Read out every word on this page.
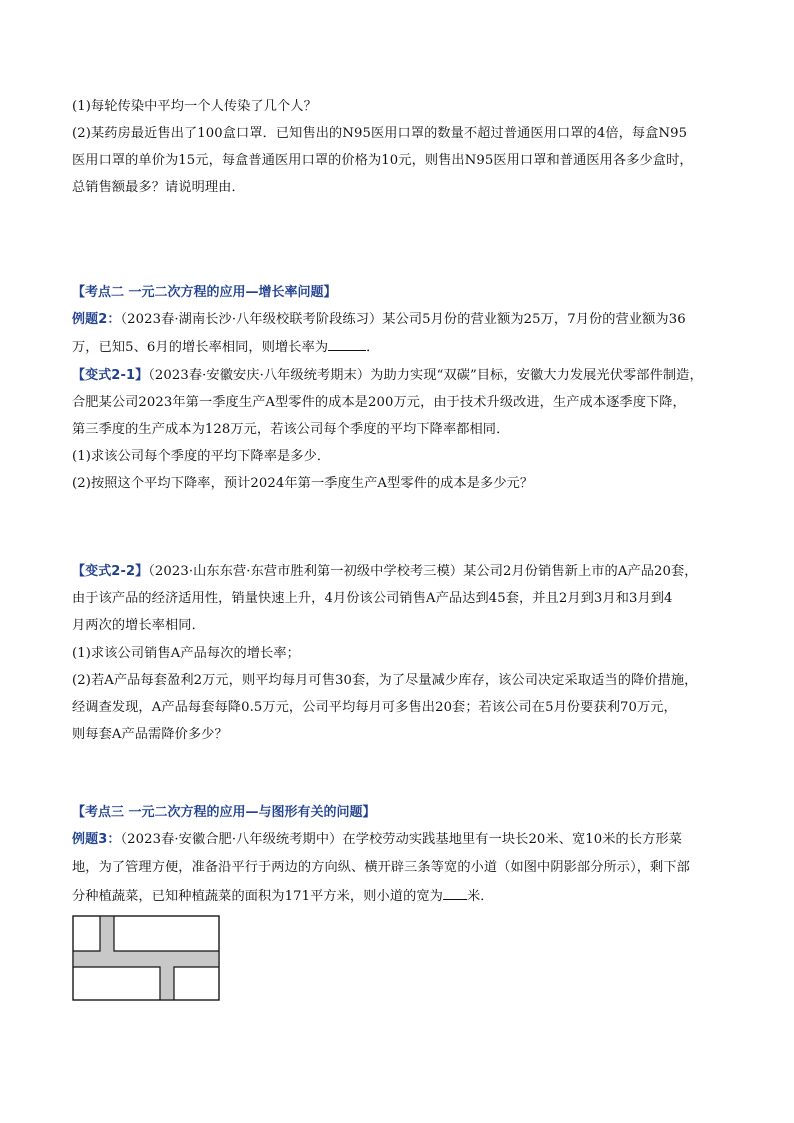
(1)每轮传染中平均一个人传染了几个人？
(2)某药房最近售出了100盒口罩．已知售出的N95医用口罩的数量不超过普通医用口罩的4倍，每盒N95
医用口罩的单价为15元，每盒普通医用口罩的价格为10元，则售出N95医用口罩和普通医用各多少盒时，
总销售额最多？请说明理由．
【考点二 一元二次方程的应用—增长率问题】
例题2：（2023春·湖南长沙·八年级校联考阶段练习）某公司5月份的营业额为25万，7月份的营业额为36
万，已知5、6月的增长率相同，则增长率为	．
【变式2-1】（2023春·安徽安庆·八年级统考期末）为助力实现“双碳”目标，安徽大力发展光伏零部件制造，
合肥某公司2023年第一季度生产A型零件的成本是200万元，由于技术升级改进，生产成本逐季度下降，
第三季度的生产成本为128万元，若该公司每个季度的平均下降率都相同．
(1)求该公司每个季度的平均下降率是多少．
(2)按照这个平均下降率，预计2024年第一季度生产A型零件的成本是多少元？
【变式2-2】（2023·山东东营·东营市胜利第一初级中学校考三模）某公司2月份销售新上市的A产品20套，
由于该产品的经济适用性，销量快速上升，4月份该公司销售A产品达到45套，并且2月到3月和3月到4
月两次的增长率相同．
(1)求该公司销售A产品每次的增长率；
(2)若A产品每套盈利2万元，则平均每月可售30套，为了尽量减少库存，该公司决定采取适当的降价措施，
经调查发现，A产品每套每降0.5万元，公司平均每月可多售出20套；若该公司在5月份要获利70万元，
则每套A产品需降价多少？
【考点三 一元二次方程的应用—与图形有关的问题】
例题3：（2023春·安徽合肥·八年级统考期中）在学校劳动实践基地里有一块长20米、宽10米的长方形菜
地，为了管理方便，准备沿平行于两边的方向纵、横开辟三条等宽的小道（如图中阴影部分所示），剩下部
分种植蔬菜，已知种植蔬菜的面积为171平方米，则小道的宽为 米．
